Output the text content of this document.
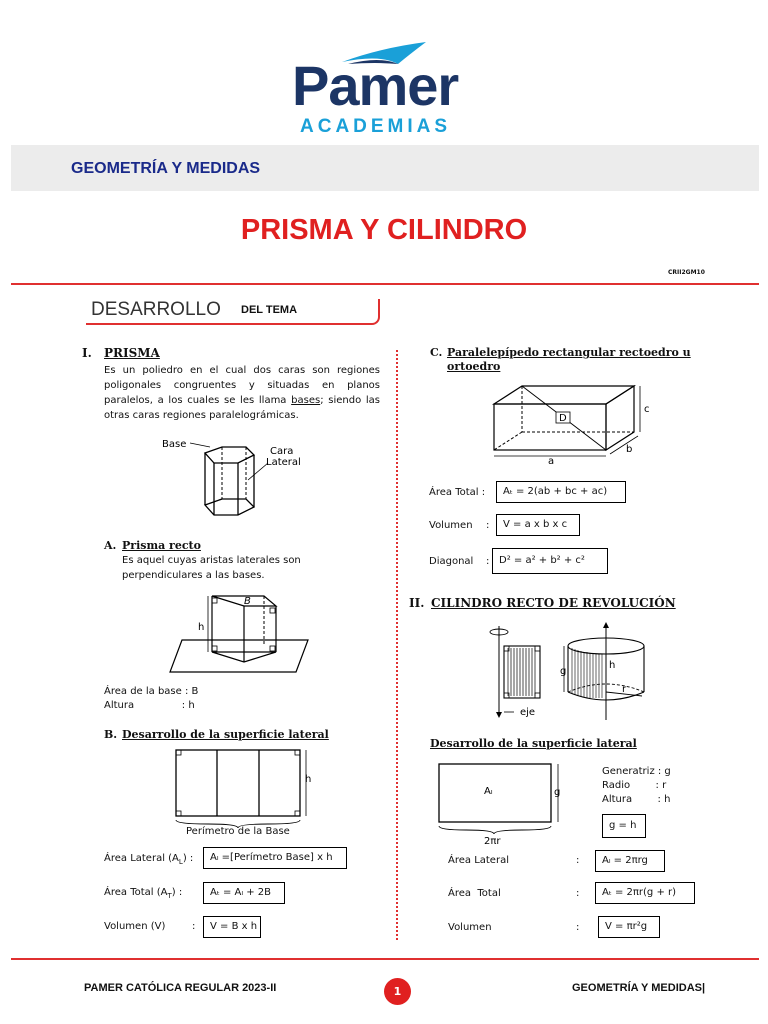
Pamer
ACADEMIAS
GEOMETRÍA Y MEDIDAS
PRISMA Y CILINDRO
CRII2GM10
DESARROLLO DEL TEMA
I. PRISMA
Es un poliedro en el cual dos caras son regiones poligonales congruentes y situadas en planos paralelos, a los cuales se les llama bases; siendo las otras caras regiones paralelográmicas.
Base
Cara
Lateral
A. Prisma recto
Es aquel cuyas aristas laterales son perpendiculares a las bases.
h
B
Área de la base : B
Altura               : h
B. Desarrollo de la superficie lateral
h
Perímetro de la Base
Área Lateral $(A_L)$ :	Aₗ =[Perímetro Base] x h
Área Total $(A_T)$ :	Aₜ = Aₗ + 2B
Volumen (V)	:	V = B x h
C. Paralelepípedo rectangular rectoedro u ortoedro
D
a
b
c
Área Total :	Aₜ = 2(ab + bc + ac)
Volumen :	V = a x b x c
Diagonal : D² = a² + b² + c²
II. CILINDRO RECTO DE REVOLUCIÓN
eje
g
h
r
Desarrollo de la superficie lateral
Aₗ	g
2πr
Generatriz : g
Radio        : r
Altura        : h
g = h
Área Lateral	:	Aₗ = 2πrg
Área  Total	:	Aₜ = 2πr(g + r)
Volumen	:	V = πr²g
PAMER CATÓLICA REGULAR 2023-II	1	GEOMETRÍA Y MEDIDAS|
